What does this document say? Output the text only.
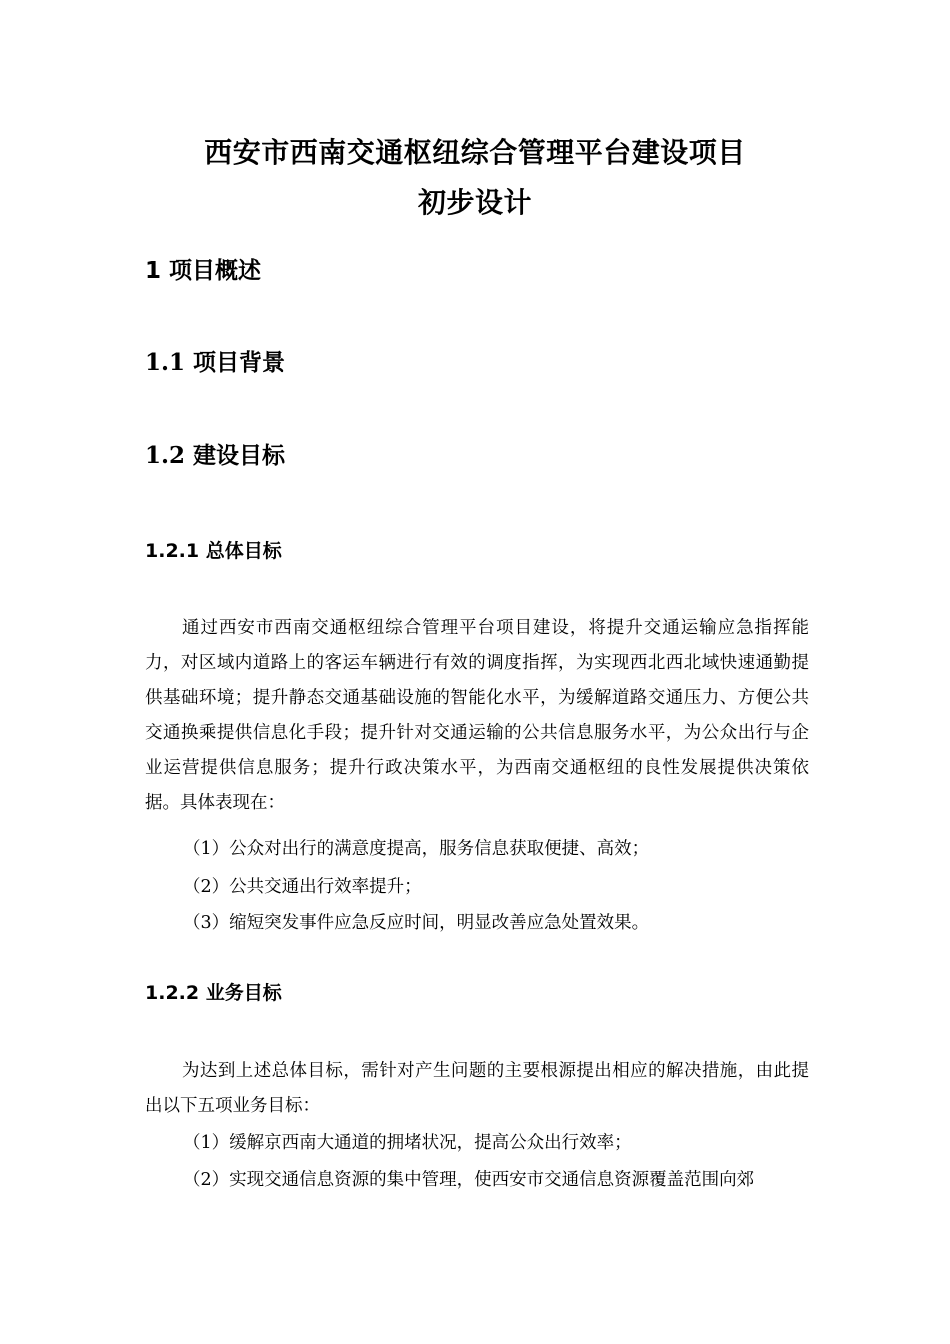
西安市西南交通枢纽综合管理平台建设项目
初步设计
1 项目概述
1.1 项目背景
1.2 建设目标
1.2.1 总体目标

通过西安市西南交通枢纽综合管理平台项目建设，将提升交通运输应急指挥能力，对区域内道路上的客运车辆进行有效的调度指挥，为实现西北西北域快速通勤提供基础环境；提升静态交通基础设施的智能化水平，为缓解道路交通压力、方便公共交通换乘提供信息化手段；提升针对交通运输的公共信息服务水平，为公众出行与企业运营提供信息服务；提升行政决策水平，为西南交通枢纽的良性发展提供决策依据。具体表现在：

（1）公众对出行的满意度提高，服务信息获取便捷、高效；
（2）公共交通出行效率提升；
（3）缩短突发事件应急反应时间，明显改善应急处置效果。
1.2.2 业务目标

为达到上述总体目标，需针对产生问题的主要根源提出相应的解决措施，由此提出以下五项业务目标：

（1）缓解京西南大通道的拥堵状况，提高公众出行效率；
（2）实现交通信息资源的集中管理，使西安市交通信息资源覆盖范围向郊
